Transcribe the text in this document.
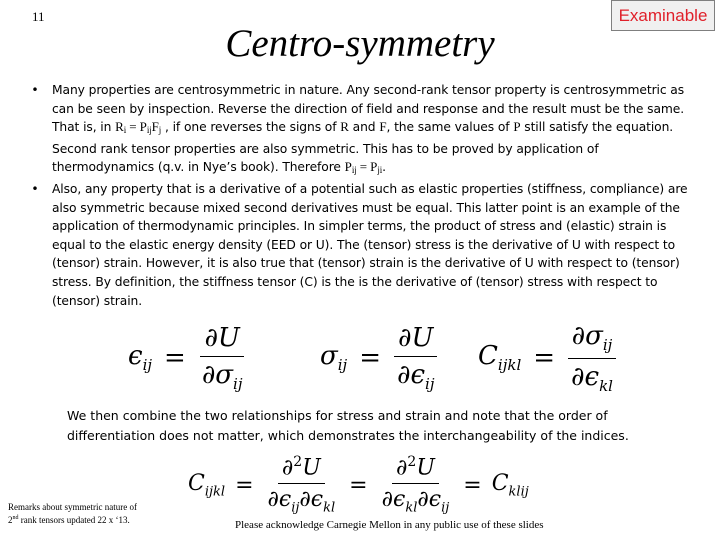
11
Centro-symmetry
Examinable
• Many properties are centrosymmetric in nature. Any second-rank tensor property is centrosymmetric as can be seen by inspection. Reverse the direction of field and response and the result must be the same. That is, in $R_i = P_{ij}F_j$ , if one reverses the signs of R and F, the same values of P still satisfy the equation. Second rank tensor properties are also symmetric. This has to be proved by application of thermodynamics (q.v. in Nye’s book). Therefore $P_{ij} = P_{ji}$.
• Also, any property that is a derivative of a potential such as elastic properties (stiffness, compliance) are also symmetric because mixed second derivatives must be equal. This latter point is an example of the application of thermodynamic principles. In simpler terms, the product of stress and (elastic) strain is equal to the elastic energy density (EED or U). The (tensor) stress is the derivative of U with respect to (tensor) strain. However, it is also true that (tensor) strain is the derivative of U with respect to (tensor) stress. By definition, the stiffness tensor (C) is the is the derivative of (tensor) stress with respect to (tensor) strain.
$\epsilon_{ij} = \frac{\partial U}{\partial\sigma_{ij}}$	$\sigma_{ij} = \frac{\partial U}{\partial\epsilon_{ij}} C_{ijkl} = \frac{\partial\sigma_{ij}}{\partial\epsilon_{kl}}$
We then combine the two relationships for stress and strain and note that the order of differentiation does not matter, which demonstrates the interchangeability of the indices.
$C_{ijkl} = \frac{\partial^2U}{\partial\epsilon_{ij}\partial\epsilon_{kl}} = \frac{\partial^2U}{\partial\epsilon_{kl}\partial\epsilon_{ij}} = C_{klij}$
Remarks about symmetric nature of
2nd rank tensors updated 22 x ‘13.	Please acknowledge Carnegie Mellon in any public use of these slides
